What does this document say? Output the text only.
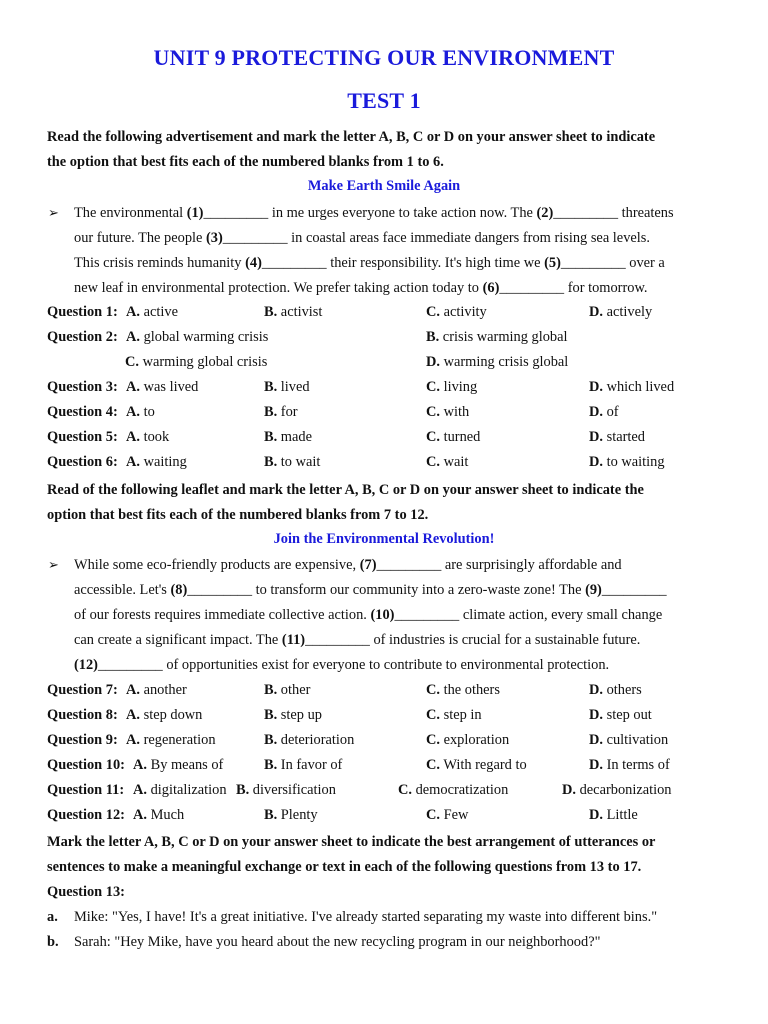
UNIT 9 PROTECTING OUR ENVIRONMENT
TEST 1
Read the following advertisement and mark the letter A, B, C or D on your answer sheet to indicate
the option that best fits each of the numbered blanks from 1 to 6.
Make Earth Smile Again
➢ The environmental (1)_________ in me urges everyone to take action now. The (2)_________ threatens
our future. The people (3)_________ in coastal areas face immediate dangers from rising sea levels.
This crisis reminds humanity (4)_________ their responsibility. It's high time we (5)_________ over a
new leaf in environmental protection. We prefer taking action today to (6)_________ for tomorrow.
Question 1: A. active	B. activist	C. activity	D. actively
Question 2: A. global warming crisis	B. crisis warming global
C. warming global crisis	D. warming crisis global
Question 3: A. was lived	B. lived	C. living	D. which lived
Question 4: A. to	B. for	C. with	D. of
Question 5: A. took	B. made	C. turned	D. started
Question 6: A. waiting	B. to wait	C. wait	D. to waiting
Read of the following leaflet and mark the letter A, B, C or D on your answer sheet to indicate the
option that best fits each of the numbered blanks from 7 to 12.
Join the Environmental Revolution!
➢ While some eco-friendly products are expensive, (7)_________ are surprisingly affordable and
accessible. Let's (8)_________ to transform our community into a zero-waste zone! The (9)_________
of our forests requires immediate collective action. (10)_________ climate action, every small change
can create a significant impact. The (11)_________ of industries is crucial for a sustainable future.
(12)_________ of opportunities exist for everyone to contribute to environmental protection.
Question 7: A. another	B. other	C. the others	D. others
Question 8: A. step down	B. step up	C. step in	D. step out
Question 9: A. regeneration	B. deterioration	C. exploration	D. cultivation
Question 10: A. By means of	B. In favor of	C. With regard to	D. In terms of
Question 11: A. digitalization B. diversification	C. democratization	D. decarbonization
Question 12: A. Much	B. Plenty	C. Few	D. Little
Mark the letter A, B, C or D on your answer sheet to indicate the best arrangement of utterances or
sentences to make a meaningful exchange or text in each of the following questions from 13 to 17.
Question 13:
a. Mike: "Yes, I have! It's a great initiative. I've already started separating my waste into different bins."
b. Sarah: "Hey Mike, have you heard about the new recycling program in our neighborhood?"
